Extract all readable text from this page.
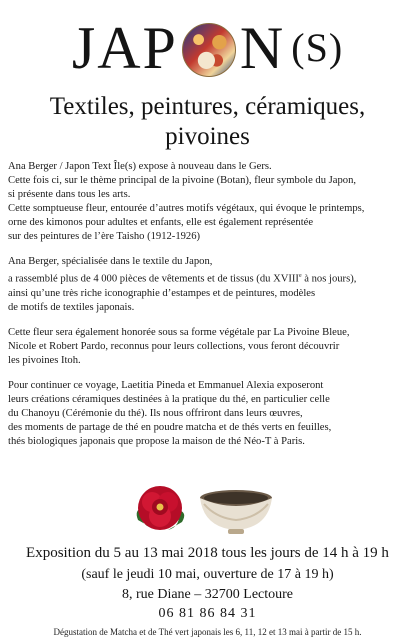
JAP N (S)
Textiles, peintures, céramiques,
pivoines

Ana Berger / Japon Text Île(s) expose à nouveau dans le Gers.
Cette fois ci, sur le thème principal de la pivoine (Botan), fleur symbole du Japon,
si présente dans tous les arts.
Cette somptueuse fleur, entourée d’autres motifs végétaux, qui évoque le printemps,
orne des kimonos pour adultes et enfants, elle est également représentée
sur des peintures de l’ère Taisho (1912-1926)

Ana Berger, spécialisée dans le textile du Japon,
a rassemblé plus de 4 000 pièces de vêtements et de tissus (du XVIIIe à nos jours),
ainsi qu’une très riche iconographie d’estampes et de peintures, modèles
de motifs de textiles japonais.

Cette fleur sera également honorée sous sa forme végétale par La Pivoine Bleue,
Nicole et Robert Pardo, reconnus pour leurs collections, vous feront découvrir
les pivoines Itoh.

Pour continuer ce voyage, Laetitia Pineda et Emmanuel Alexia exposeront
leurs créations céramiques destinées à la pratique du thé, en particulier celle
du Chanoyu (Cérémonie du thé). Ils nous offriront dans leurs œuvres,
des moments de partage de thé en poudre matcha et de thés verts en feuilles,
thés biologiques japonais que propose la maison de thé Néo-T à Paris.

Exposition du 5 au 13 mai 2018 tous les jours de 14 h à 19 h
(sauf le jeudi 10 mai, ouverture de 17 à 19 h)
8, rue Diane – 32700 Lectoure
06 81 86 84 31
Dégustation de Matcha et de Thé vert japonais les 6, 11, 12 et 13 mai à partir de 15 h.
